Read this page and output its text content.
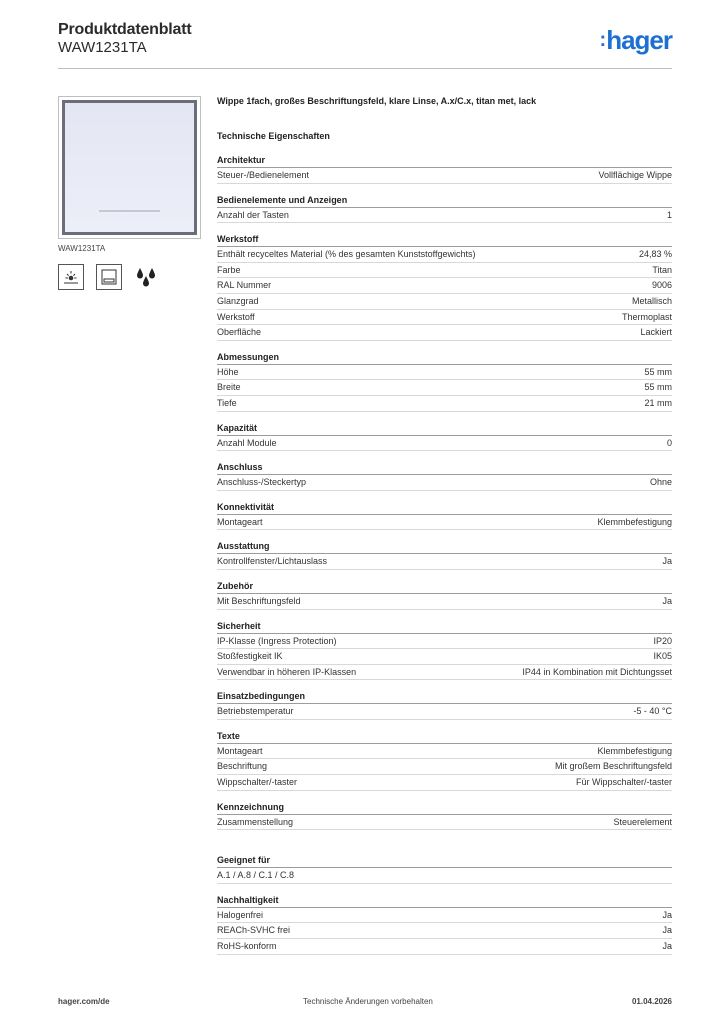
Produktdatenblatt
WAW1231TA	:hager
WAW1231TA
Wippe 1fach, großes Beschriftungsfeld, klare Linse, A.x/C.x, titan met, lack
Technische Eigenschaften
Architektur
Steuer-/Bedienelement	Vollflächige Wippe
Bedienelemente und Anzeigen
Anzahl der Tasten	1
Werkstoff
Enthält recyceltes Material (% des gesamten Kunststoffgewichts)	24,83 %
Farbe	Titan
RAL Nummer	9006
Glanzgrad	Metallisch
Werkstoff	Thermoplast
Oberfläche	Lackiert
Abmessungen
Höhe	55 mm
Breite	55 mm
Tiefe	21 mm
Kapazität
Anzahl Module	0
Anschluss
Anschluss-/Steckertyp	Ohne
Konnektivität
Montageart	Klemmbefestigung
Ausstattung
Kontrollfenster/Lichtauslass	Ja
Zubehör
Mit Beschriftungsfeld	Ja
Sicherheit
IP-Klasse (Ingress Protection)	IP20
Stoßfestigkeit IK	IK05
Verwendbar in höheren IP-Klassen	IP44 in Kombination mit Dichtungsset
Einsatzbedingungen
Betriebstemperatur	-5 - 40 °C
Texte
Montageart	Klemmbefestigung
Beschriftung	Mit großem Beschriftungsfeld
Wippschalter/-taster	Für Wippschalter/-taster
Kennzeichnung
Zusammenstellung	Steuerelement
Geeignet für
A.1 / A.8 / C.1 / C.8
Nachhaltigkeit
Halogenfrei	Ja
REACh-SVHC frei	Ja
RoHS-konform	Ja
hager.com/de	Technische Änderungen vorbehalten	01.04.2026
